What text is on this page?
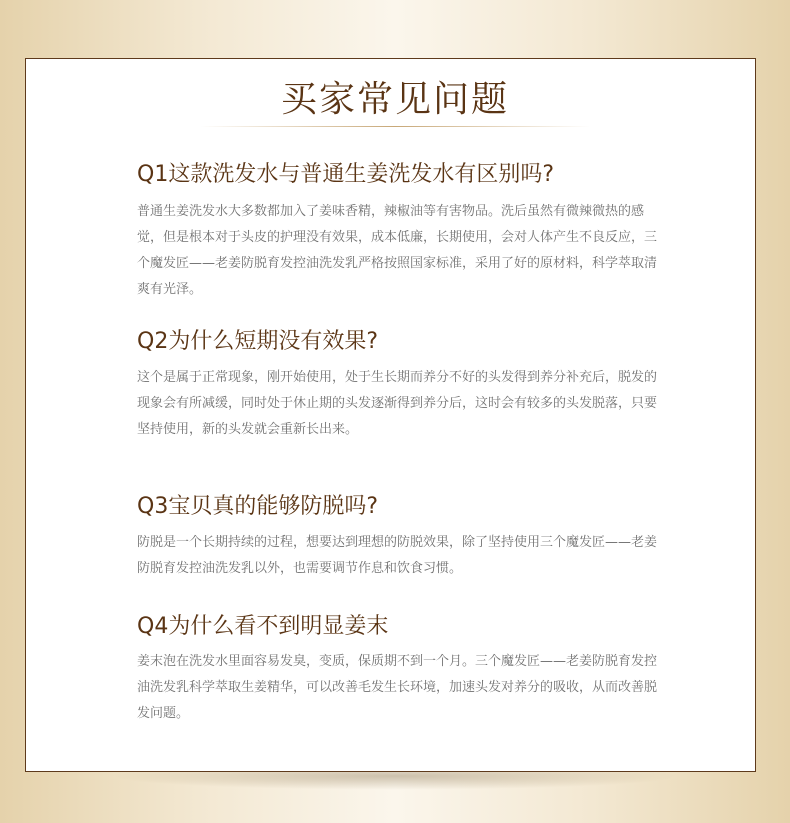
买家常见问题
Q1这款洗发水与普通生姜洗发水有区别吗?
普通生姜洗发水大多数都加入了姜味香精，辣椒油等有害物品。洗后虽然有微辣微热的感觉，但是根本对于头皮的护理没有效果，成本低廉，长期使用，会对人体产生不良反应，三个魔发匠——老姜防脱育发控油洗发乳严格按照国家标准，采用了好的原材料，科学萃取清爽有光泽。
Q2为什么短期没有效果?
这个是属于正常现象，刚开始使用，处于生长期而养分不好的头发得到养分补充后，脱发的现象会有所减缓，同时处于休止期的头发逐渐得到养分后，这时会有较多的头发脱落，只要坚持使用，新的头发就会重新长出来。
Q3宝贝真的能够防脱吗?
防脱是一个长期持续的过程，想要达到理想的防脱效果，除了坚持使用三个魔发匠——老姜防脱育发控油洗发乳以外，也需要调节作息和饮食习惯。
Q4为什么看不到明显姜末
姜末泡在洗发水里面容易发臭，变质，保质期不到一个月。三个魔发匠——老姜防脱育发控油洗发乳科学萃取生姜精华，可以改善毛发生长环境，加速头发对养分的吸收，从而改善脱发问题。
